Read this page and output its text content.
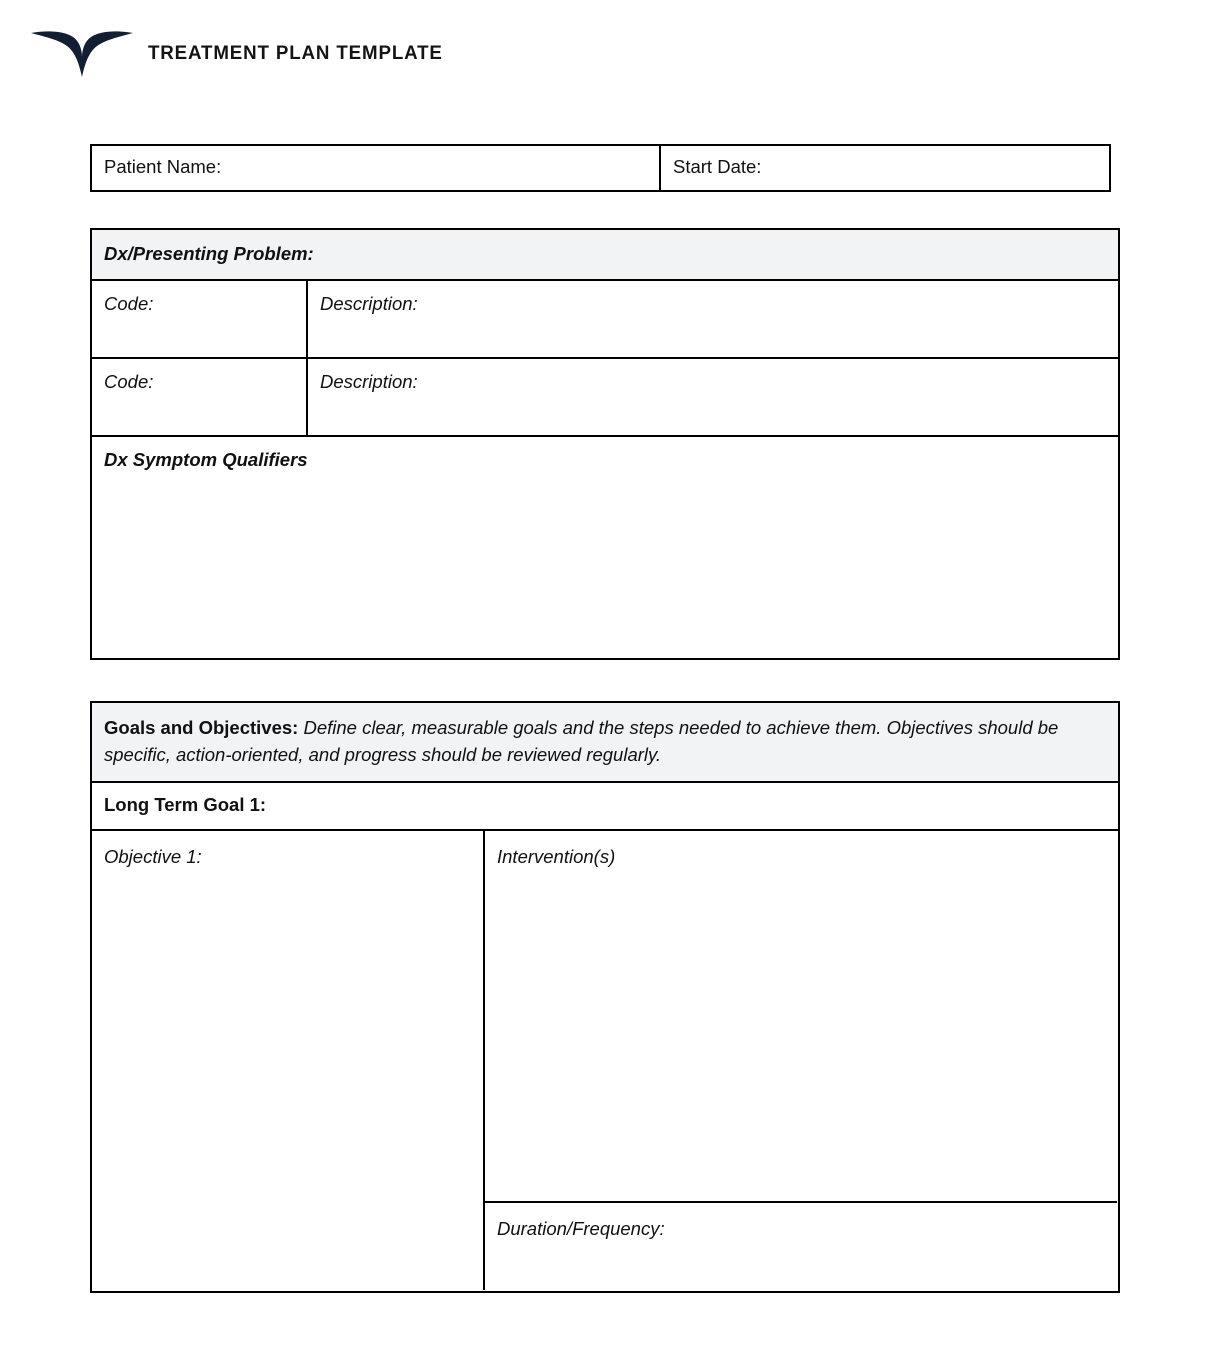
TREATMENT PLAN TEMPLATE
Patient Name:	Start Date:
Dx/Presenting Problem:
Code:	Description:
Code:	Description:
Dx Symptom Qualifiers
Goals and Objectives: Define clear, measurable goals and the steps needed to achieve them. Objectives should be specific, action-oriented, and progress should be reviewed regularly.
Long Term Goal 1:
Objective 1:	Intervention(s)
Duration/Frequency:
